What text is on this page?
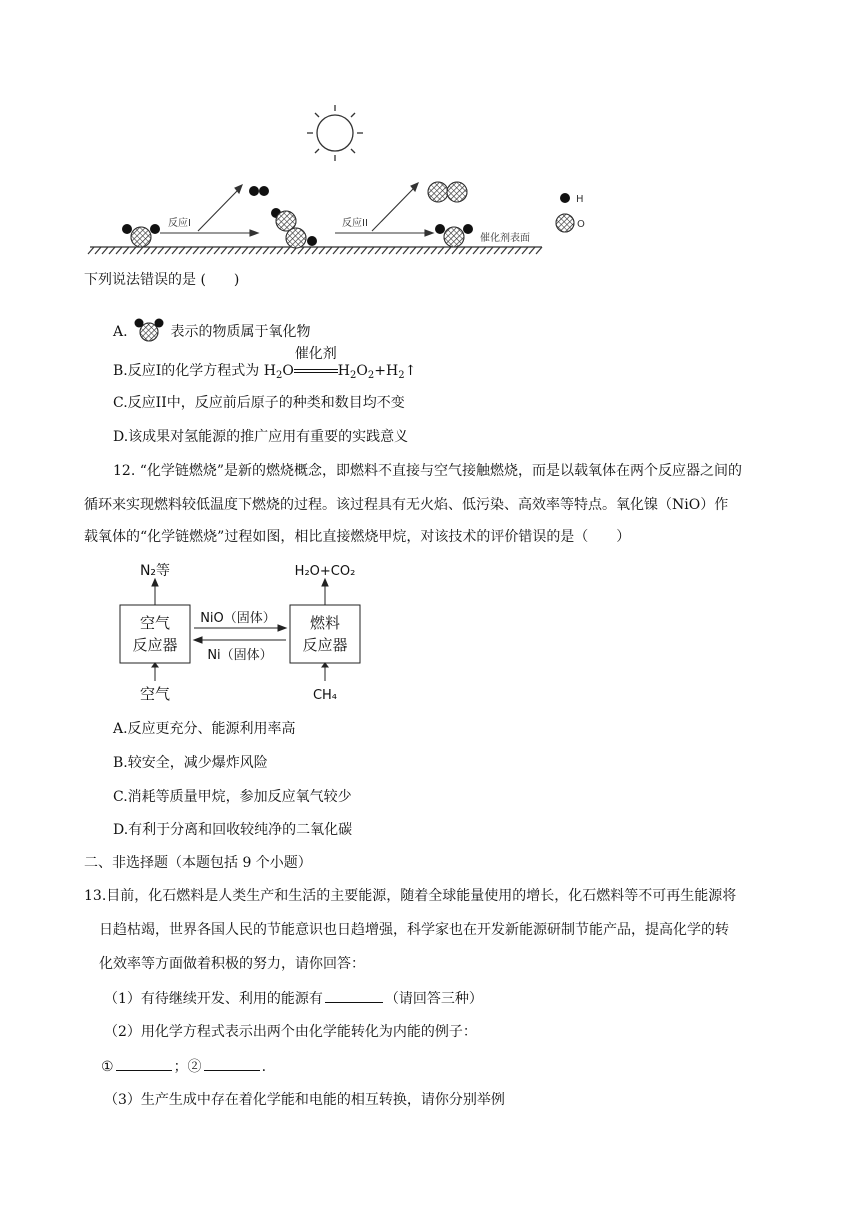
反应I	反应II
催化剂表面
H
O
下列说法错误的是 (　　)
A.	表示的物质属于氧化物
B.反应I的化学方程式为 $H_2O$
催化剂
$H_2O_2+H_2↑$
C.反应II中，反应前后原子的种类和数目均不变
D.该成果对氢能源的推广应用有重要的实践意义
12. “化学链燃烧”是新的燃烧概念，即燃料不直接与空气接触燃烧，而是以载氧体在两个反应器之间的
循环来实现燃料较低温度下燃烧的过程。该过程具有无火焰、低污染、高效率等特点。氧化镍（NiO）作
载氧体的“化学链燃烧”过程如图，相比直接燃烧甲烷，对该技术的评价错误的是（　　）
N₂等	H₂O+CO₂
空气
反应器
燃料
反应器
NiO（固体）
Ni（固体）
空气	CH₄
A.反应更充分、能源利用率高
B.较安全，减少爆炸风险
C.消耗等质量甲烷，参加反应氧气较少
D.有利于分离和回收较纯净的二氧化碳
二、非选择题（本题包括 9 个小题）
13.目前，化石燃料是人类生产和生活的主要能源，随着全球能量使用的增长，化石燃料等不可再生能源将
日趋枯竭，世界各国人民的节能意识也日趋增强，科学家也在开发新能源研制节能产品，提高化学的转
化效率等方面做着积极的努力，请你回答：
（1）有待继续开发、利用的能源有	（请回答三种）
（2）用化学方程式表示出两个由化学能转化为内能的例子：
①	；②	.
（3）生产生成中存在着化学能和电能的相互转换，请你分别举例
